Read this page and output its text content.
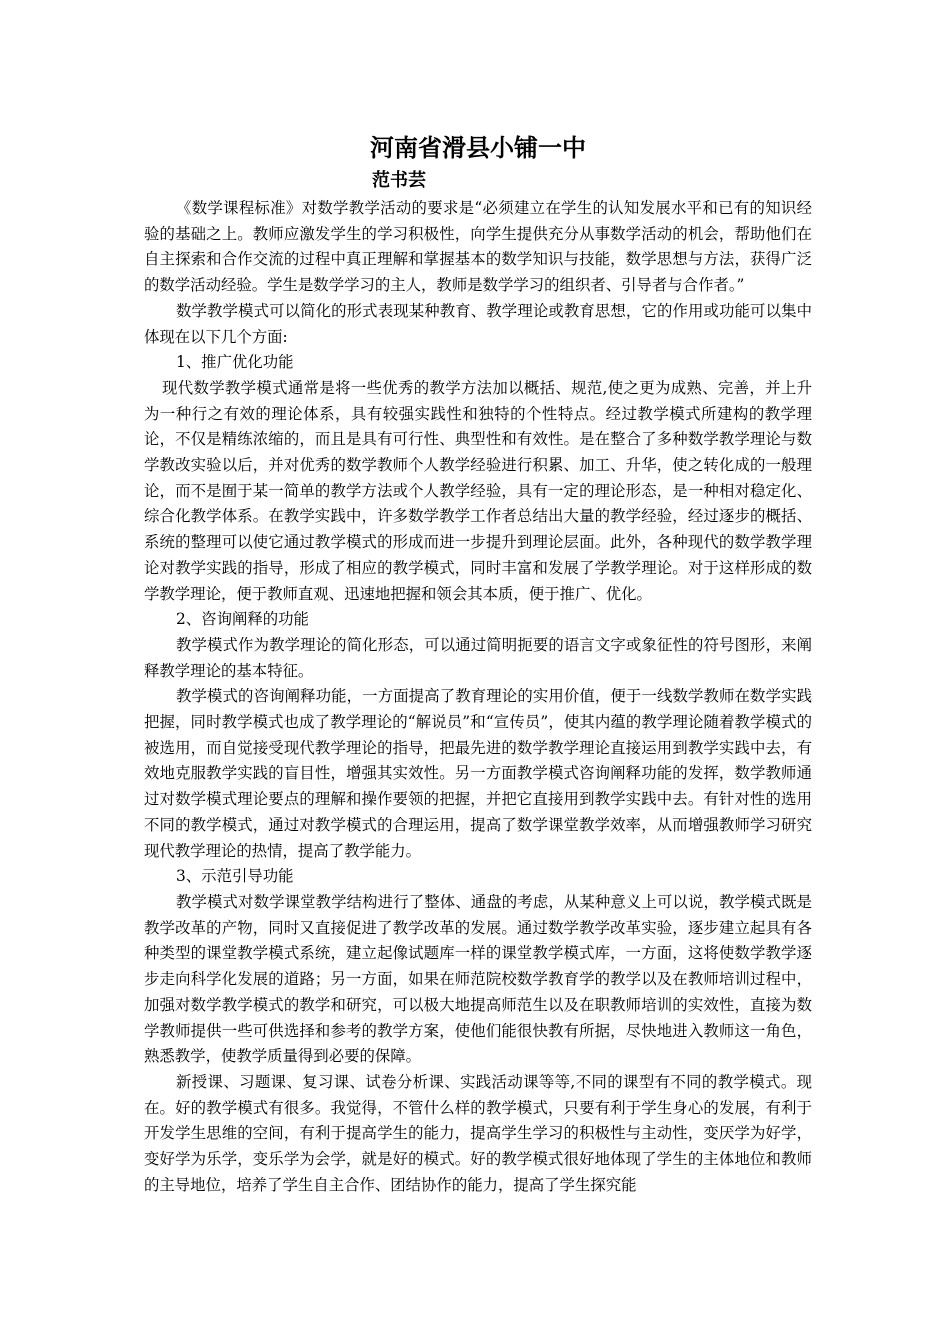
河南省滑县小铺一中
范书芸

《数学课程标准》对数学教学活动的要求是“必须建立在学生的认知发展水平和已有的知识经验的基础之上。教师应激发学生的学习积极性，向学生提供充分从事数学活动的机会，帮助他们在自主探索和合作交流的过程中真正理解和掌握基本的数学知识与技能，数学思想与方法，获得广泛的数学活动经验。学生是数学学习的主人，教师是数学学习的组织者、引导者与合作者。”

数学教学模式可以简化的形式表现某种教育、教学理论或教育思想，它的作用或功能可以集中体现在以下几个方面:

1、推广优化功能

现代数学教学模式通常是将一些优秀的教学方法加以概括、规范,使之更为成熟、完善，并上升为一种行之有效的理论体系，具有较强实践性和独特的个性特点。经过教学模式所建构的教学理论，不仅是精练浓缩的，而且是具有可行性、典型性和有效性。是在整合了多种数学教学理论与数学教改实验以后，并对优秀的数学教师个人教学经验进行积累、加工、升华，使之转化成的一般理论，而不是囿于某一简单的教学方法或个人教学经验，具有一定的理论形态，是一种相对稳定化、综合化教学体系。在教学实践中，许多数学教学工作者总结出大量的教学经验，经过逐步的概括、系统的整理可以使它通过教学模式的形成而进一步提升到理论层面。此外，各种现代的数学教学理论对教学实践的指导，形成了相应的教学模式，同时丰富和发展了学教学理论。对于这样形成的数学教学理论，便于教师直观、迅速地把握和领会其本质，便于推广、优化。

2、咨询阐释的功能

教学模式作为教学理论的简化形态，可以通过简明扼要的语言文字或象征性的符号图形，来阐释教学理论的基本特征。

教学模式的咨询阐释功能，一方面提高了教育理论的实用价值，便于一线数学教师在数学实践把握，同时教学模式也成了教学理论的“解说员”和“宣传员”，使其内蕴的教学理论随着教学模式的被选用，而自觉接受现代教学理论的指导，把最先进的数学教学理论直接运用到教学实践中去，有效地克服教学实践的盲目性，增强其实效性。另一方面教学模式咨询阐释功能的发挥，数学教师通过对数学模式理论要点的理解和操作要领的把握，并把它直接用到教学实践中去。有针对性的选用不同的教学模式，通过对教学模式的合理运用，提高了数学课堂教学效率，从而增强教师学习研究现代教学理论的热情，提高了教学能力。

3、示范引导功能

教学模式对数学课堂教学结构进行了整体、通盘的考虑，从某种意义上可以说，教学模式既是教学改革的产物，同时又直接促进了教学改革的发展。通过数学教学改革实验，逐步建立起具有各种类型的课堂教学模式系统，建立起像试题库一样的课堂教学模式库，一方面，这将使数学教学逐步走向科学化发展的道路；另一方面，如果在师范院校数学教育学的教学以及在教师培训过程中，加强对数学教学模式的教学和研究，可以极大地提高师范生以及在职教师培训的实效性，直接为数学教师提供一些可供选择和参考的教学方案，使他们能很快教有所据，尽快地进入教师这一角色，熟悉教学，使教学质量得到必要的保障。

新授课、习题课、复习课、试卷分析课、实践活动课等等,不同的课型有不同的教学模式。现在。好的教学模式有很多。我觉得，不管什么样的教学模式，只要有利于学生身心的发展，有利于开发学生思维的空间，有利于提高学生的能力，提高学生学习的积极性与主动性，变厌学为好学，变好学为乐学，变乐学为会学，就是好的模式。好的教学模式很好地体现了学生的主体地位和教师的主导地位，培养了学生自主合作、团结协作的能力，提高了学生探究能
